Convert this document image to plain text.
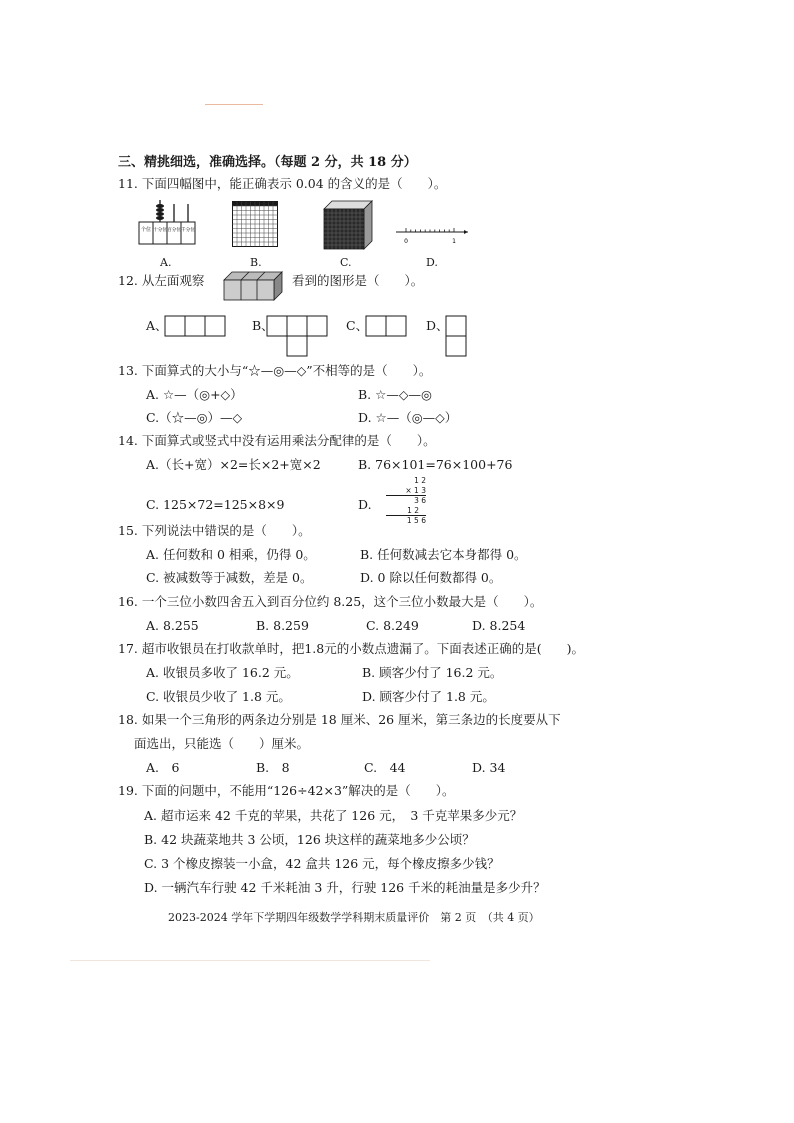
三、精挑细选，准确选择。（每题 2 分，共 18 分）
11. 下面四幅图中，能正确表示 0.04 的含义的是（　　）。
个位 十分位 百分位 千分位
A.	B.	C.
0	1
D.
12. 从左面观察	看到的图形是（　　）。
A、	B、	C、	D、
13. 下面算式的大小与“☆—◎—◇”不相等的是（　　）。
A. ☆—（◎+◇）	B. ☆—◇—◎
C.（☆—◎）—◇	D. ☆—（◎—◇）
14. 下面算式或竖式中没有运用乘法分配律的是（　　）。
A.（长+宽）×2=长×2+宽×2	B. 76×101=76×100+76
C. 125×72=125×8×9	D.
1 2
× 1 3
3 6
1 2
1 5 6
15. 下列说法中错误的是（　　）。
A. 任何数和 0 相乘，仍得 0。	B. 任何数减去它本身都得 0。
C. 被减数等于减数，差是 0。	D. 0 除以任何数都得 0。
16. 一个三位小数四舍五入到百分位约 8.25，这个三位小数最大是（　　）。
A. 8.255	B. 8.259	C. 8.249	D. 8.254
17. 超市收银员在打收款单时，把1.8元的小数点遗漏了。下面表述正确的是(　　)。
A. 收银员多收了 16.2 元。	B. 顾客少付了 16.2 元。
C. 收银员少收了 1.8 元。	D. 顾客少付了 1.8 元。
18. 如果一个三角形的两条边分别是 18 厘米、26 厘米，第三条边的长度要从下
面选出，只能选（　　）厘米。
A.　6	B.　8	C.　44	D. 34
19. 下面的问题中，不能用“126÷42×3”解决的是（　　）。
A. 超市运来 42 千克的苹果，共花了 126 元，　3 千克苹果多少元？
B. 42 块蔬菜地共 3 公顷，126 块这样的蔬菜地多少公顷？
C. 3 个橡皮擦装一小盒，42 盒共 126 元，每个橡皮擦多少钱？
D. 一辆汽车行驶 42 千米耗油 3 升，行驶 126 千米的耗油量是多少升？
2023-2024 学年下学期四年级数学学科期末质量评价　第 2 页　（共 4 页）
